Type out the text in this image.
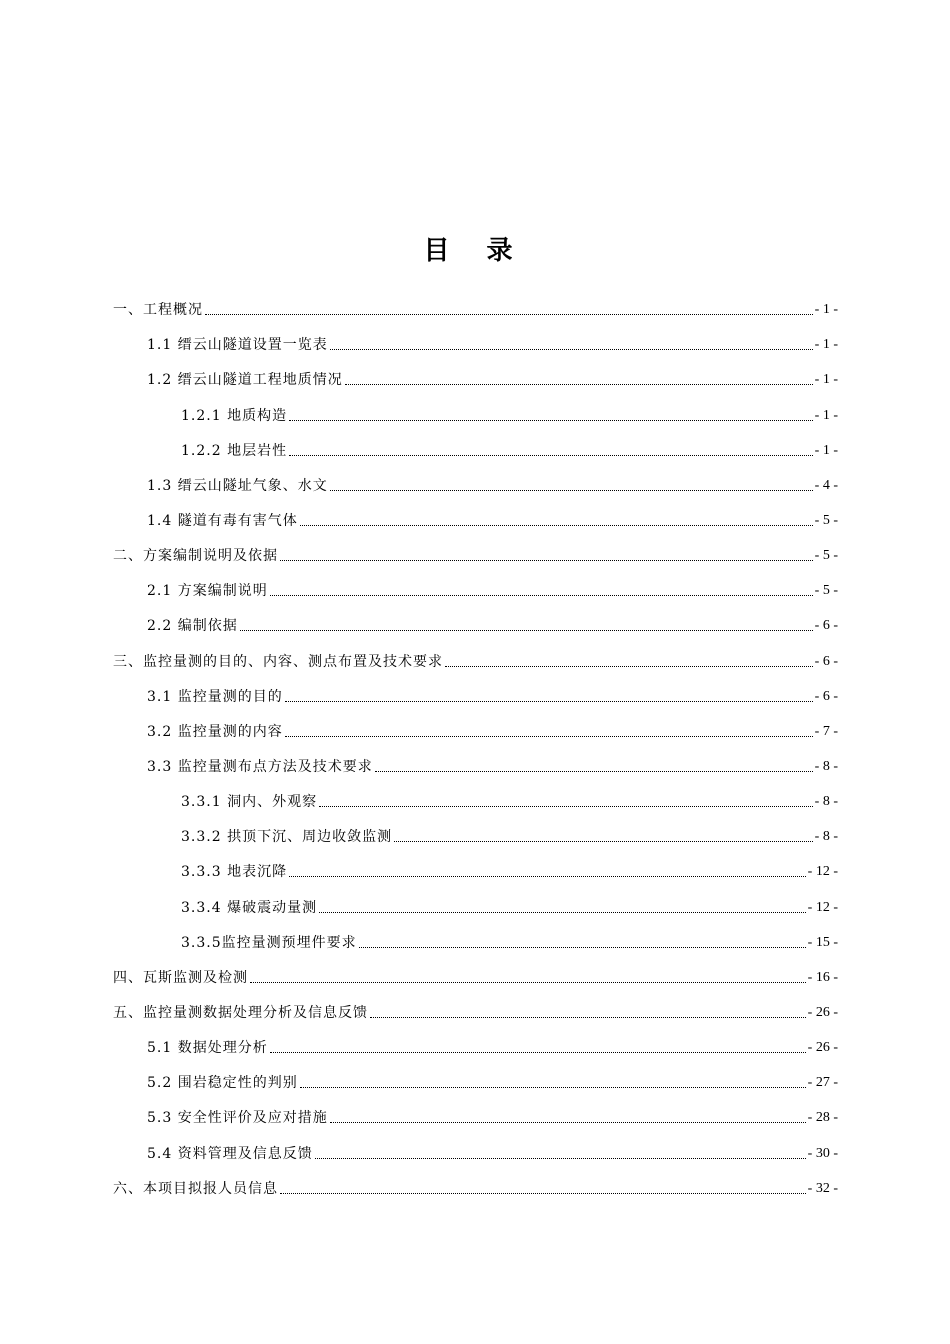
目 录
一、工程概况	- 1 -
1.1 缙云山隧道设置一览表	- 1 -
1.2 缙云山隧道工程地质情况	- 1 -
1.2.1 地质构造	- 1 -
1.2.2 地层岩性	- 1 -
1.3 缙云山隧址气象、水文	- 4 -
1.4 隧道有毒有害气体	- 5 -
二、方案编制说明及依据	- 5 -
2.1 方案编制说明	- 5 -
2.2 编制依据	- 6 -
三、监控量测的目的、内容、测点布置及技术要求	- 6 -
3.1 监控量测的目的	- 6 -
3.2 监控量测的内容	- 7 -
3.3 监控量测布点方法及技术要求	- 8 -
3.3.1 洞内、外观察	- 8 -
3.3.2 拱顶下沉、周边收敛监测	- 8 -
3.3.3 地表沉降	- 12 -
3.3.4 爆破震动量测	- 12 -
3.3.5监控量测预埋件要求	- 15 -
四、瓦斯监测及检测	- 16 -
五、监控量测数据处理分析及信息反馈	- 26 -
5.1 数据处理分析	- 26 -
5.2 围岩稳定性的判别	- 27 -
5.3 安全性评价及应对措施	- 28 -
5.4 资料管理及信息反馈	- 30 -
六、本项目拟报人员信息	- 32 -
